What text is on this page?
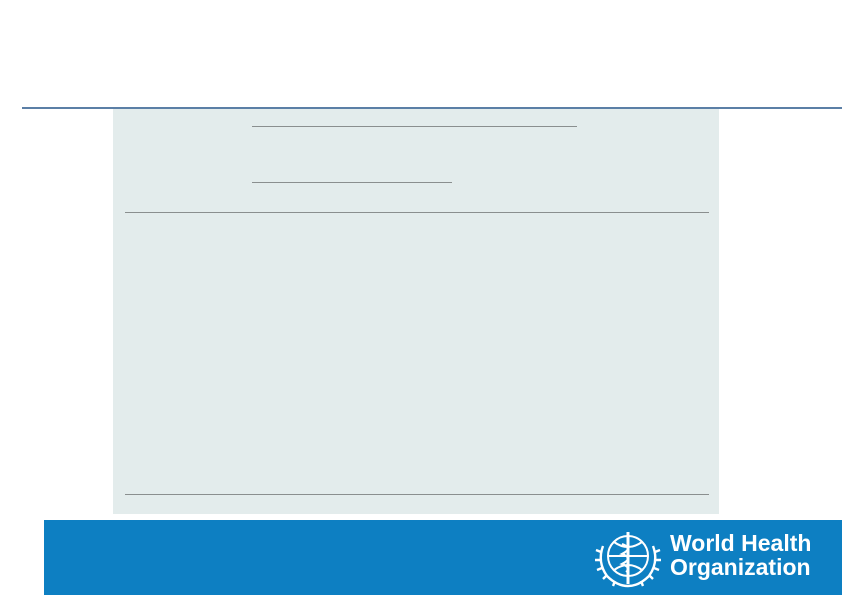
|
World Health
Organization
